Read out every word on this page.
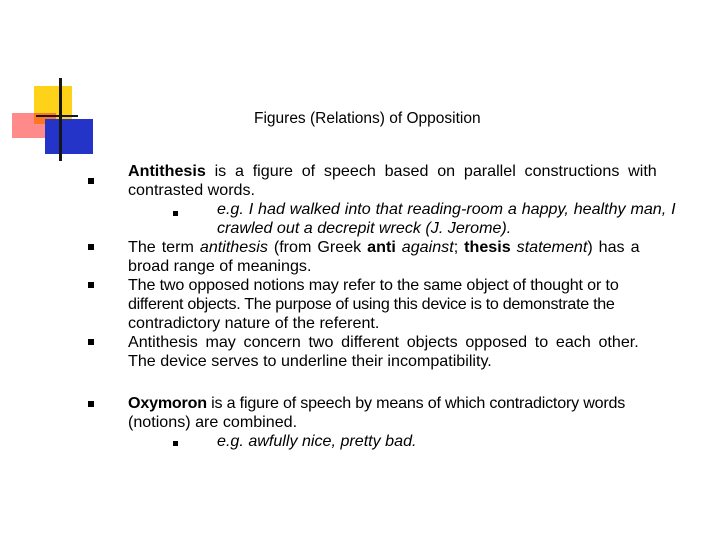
Figures (Relations) of Opposition
Antithesis is a figure of speech based on parallel constructions with
contrasted words.
e.g. I had walked into that reading-room a happy, healthy man, I
crawled out a decrepit wreck (J. Jerome).
The term antithesis (from Greek anti against; thesis statement) has a
broad range of meanings.
The two opposed notions may refer to the same object of thought or to
different objects. The purpose of using this device is to demonstrate the
contradictory nature of the referent.
Antithesis may concern two different objects opposed to each other.
The device serves to underline their incompatibility.
Oxymoron is a figure of speech by means of which contradictory words
(notions) are combined.
e.g. awfully nice, pretty bad.
